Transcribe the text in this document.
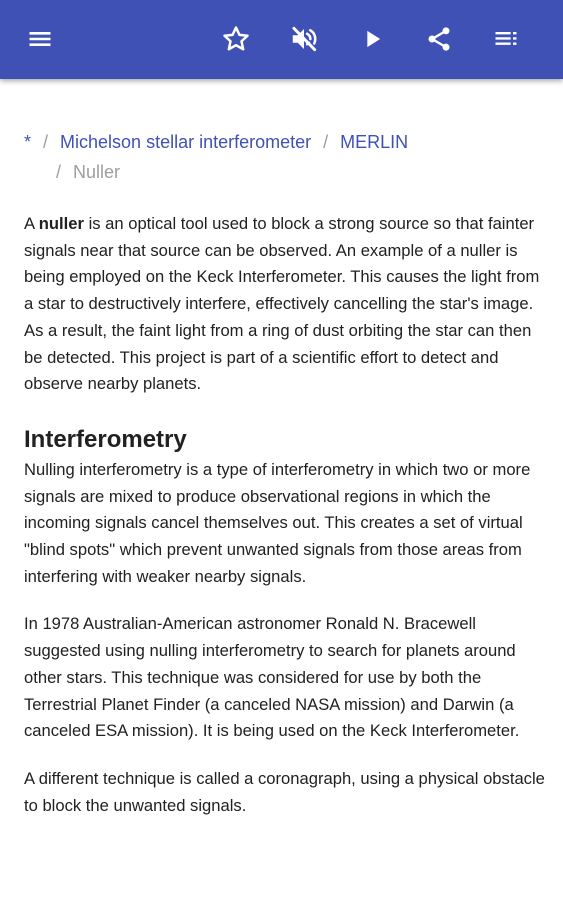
* / Michelson stellar interferometer / MERLIN
/ Nuller

A nuller is an optical tool used to block a strong source so that fainter signals near that source can be observed. An example of a nuller is being employed on the Keck Interferometer. This causes the light from a star to destructively interfere, effectively cancelling the star's image. As a result, the faint light from a ring of dust orbiting the star can then be detected. This project is part of a scientific effort to detect and observe nearby planets.

Interferometry

Nulling interferometry is a type of interferometry in which two or more signals are mixed to produce observational regions in which the incoming signals cancel themselves out. This creates a set of virtual "blind spots" which prevent unwanted signals from those areas from interfering with weaker nearby signals.

In 1978 Australian-American astronomer Ronald N. Bracewell suggested using nulling interferometry to search for planets around other stars. This technique was considered for use by both the Terrestrial Planet Finder (a canceled NASA mission) and Darwin (a canceled ESA mission). It is being used on the Keck Interferometer.

A different technique is called a coronagraph, using a physical obstacle to block the unwanted signals.
